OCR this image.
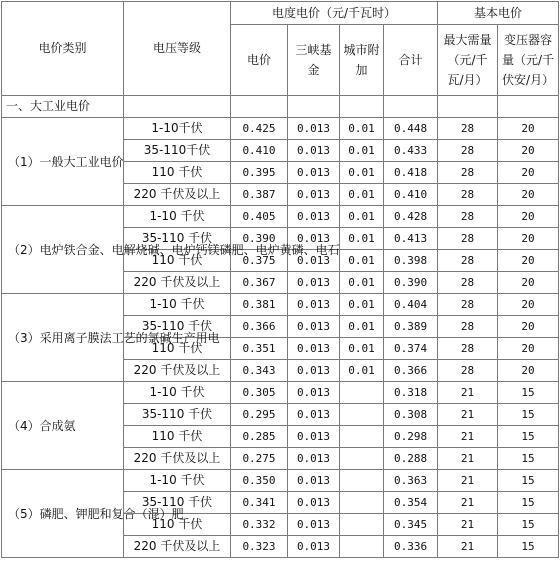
电价类别	电压等级	电度电价（元/千瓦时）				基本电价	
		电价	三峡基金	城市附加	合计	最大需量（元/千瓦/月）	变压器容量（元/千伏安/月）
一、大工业电价							
（1）一般大工业电价	1-10千伏	0.425	0.013	0.01	0.448	28	20
	35-110千伏	0.410	0.013	0.01	0.433	28	20
	110 千伏	0.395	0.013	0.01	0.418	28	20
	220 千伏及以上	0.387	0.013	0.01	0.410	28	20
（2）电炉铁合金、电解烧碱、电炉钙镁磷肥、电炉黄磷、电石	1-10 千伏	0.405	0.013	0.01	0.428	28	20
	35-110 千伏	0.390	0.013	0.01	0.413	28	20
	110 千伏	0.375	0.013	0.01	0.398	28	20
	220 千伏及以上	0.367	0.013	0.01	0.390	28	20
（3）采用离子膜法工艺的氯碱生产用电	1-10 千伏	0.381	0.013	0.01	0.404	28	20
	35-110 千伏	0.366	0.013	0.01	0.389	28	20
	110 千伏	0.351	0.013	0.01	0.374	28	20
	220 千伏及以上	0.343	0.013	0.01	0.366	28	20
（4）合成氨	1-10 千伏	0.305	0.013		0.318	21	15
	35-110 千伏	0.295	0.013		0.308	21	15
	110 千伏	0.285	0.013		0.298	21	15
	220 千伏及以上	0.275	0.013		0.288	21	15
（5）磷肥、钾肥和复合（混）肥	1-10 千伏	0.350	0.013		0.363	21	15
	35-110 千伏	0.341	0.013		0.354	21	15
	110 千伏	0.332	0.013		0.345	21	15
	220 千伏及以上	0.323	0.013		0.336	21	15
